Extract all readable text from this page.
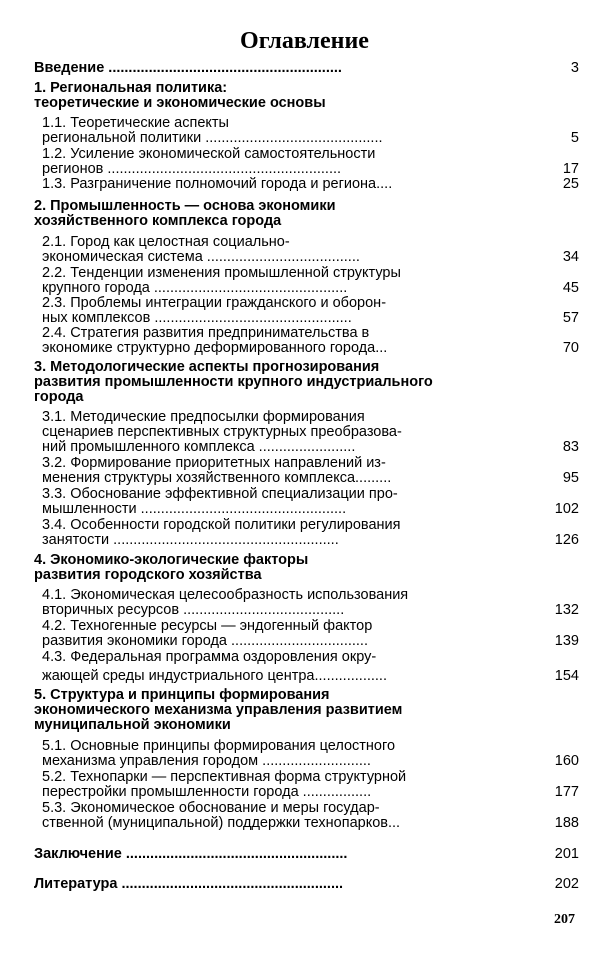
Оглавление
Введение ..........................................................	3
1. Региональная политика:
теоретические и экономические основы
1.1. Теоретические аспекты
региональной политики ............................................	5
1.2. Усиление экономической самостоятельности
регионов ..........................................................	17
1.3. Разграничение полномочий города и региона....	25
2. Промышленность — основа экономики
хозяйственного комплекса города
2.1. Город как целостная социально-
экономическая система ......................................	34
2.2. Тенденции изменения промышленной структуры
крупного города ................................................	45
2.3. Проблемы интеграции гражданского и оборон-
ных комплексов .................................................	57
2.4. Стратегия развития предпринимательства в
экономике структурно деформированного города...	70
3. Методологические аспекты прогнозирования
развития промышленности крупного индустриального
города
3.1. Методические предпосылки формирования
сценариев перспективных структурных преобразова-
ний промышленного комплекса ........................	83
3.2. Формирование приоритетных направлений из-
менения структуры хозяйственного комплекса.........	95
3.3. Обоснование эффективной специализации про-
мышленности ...................................................	102
3.4. Особенности городской политики регулирования
занятости ........................................................	126
4. Экономико-экологические факторы
развития городского хозяйства
4.1. Экономическая целесообразность использования
вторичных ресурсов ........................................	132
4.2. Техногенные ресурсы — эндогенный фактор
развития экономики города ..................................	139
4.3. Федеральная программа оздоровления окру-
жающей среды индустриального центра..................	154
5. Структура и принципы формирования
экономического механизма управления развитием
муниципальной экономики
5.1. Основные принципы формирования целостного
механизма управления городом ...........................	160
5.2. Технопарки — перспективная форма структурной
перестройки промышленности города .................	177
5.3. Экономическое обоснование и меры государ-
ственной (муниципальной) поддержки технопарков...	188
Заключение .......................................................	201
Литература .......................................................	202
207
